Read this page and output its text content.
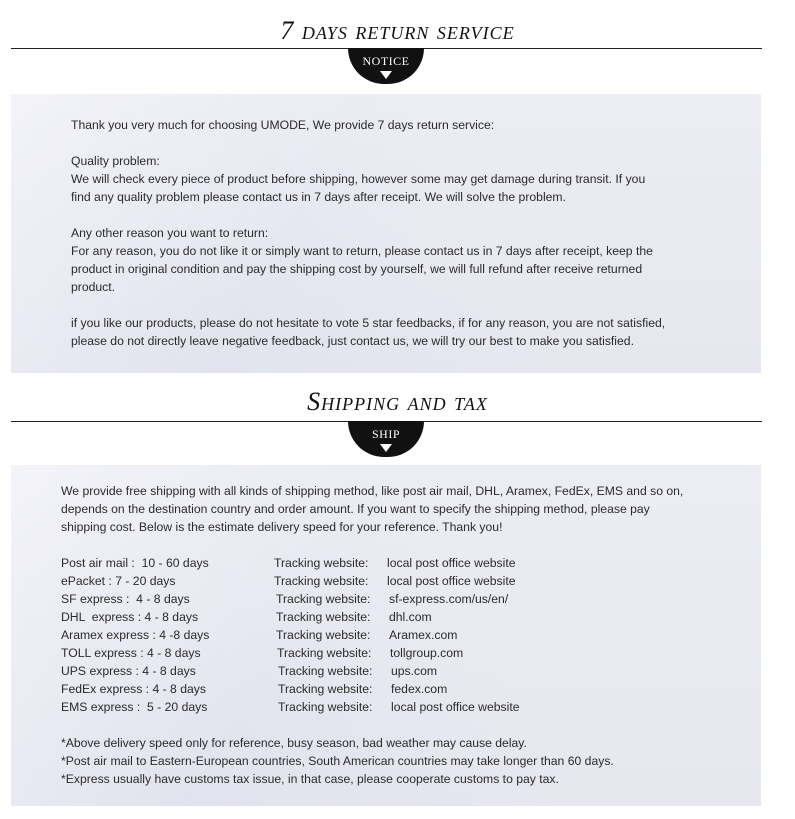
7 days return service
NOTICE

Thank you very much for choosing UMODE, We provide 7 days return service:

Quality problem:

We will check every piece of product before shipping, however some may get damage during transit. If you

find any quality problem please contact us in 7 days after receipt. We will solve the problem.

Any other reason you want to return:

For any reason, you do not like it or simply want to return, please contact us in 7 days after receipt, keep the

product in original condition and pay the shipping cost by yourself, we will full refund after receive returned

product.

if you like our products, please do not hesitate to vote 5 star feedbacks, if for any reason, you are not satisfied,

please do not directly leave negative feedback, just contact us, we will try our best to make you satisfied.

Shipping and tax
SHIP

We provide free shipping with all kinds of shipping method, like post air mail, DHL, Aramex, FedEx, EMS and so on,

depends on the destination country and order amount. If you want to specify the shipping method, please pay

shipping cost. Below is the estimate delivery speed for your reference. Thank you!

Post air mail :  10 - 60 days	Tracking website: local post office website
ePacket : 7 - 20 days	Tracking website: local post office website
SF express :  4 - 8 days	Tracking website: sf-express.com/us/en/
DHL  express : 4 - 8 days	Tracking website: dhl.com
Aramex express : 4 -8 days	Tracking website: Aramex.com
TOLL express : 4 - 8 days	Tracking website: tollgroup.com
UPS express : 4 - 8 days	Tracking website: ups.com
FedEx express : 4 - 8 days	Tracking website: fedex.com
EMS express :  5 - 20 days	Tracking website: local post office website

*Above delivery speed only for reference, busy season, bad weather may cause delay.

*Post air mail to Eastern-European countries, South American countries may take longer than 60 days.

*Express usually have customs tax issue, in that case, please cooperate customs to pay tax.
